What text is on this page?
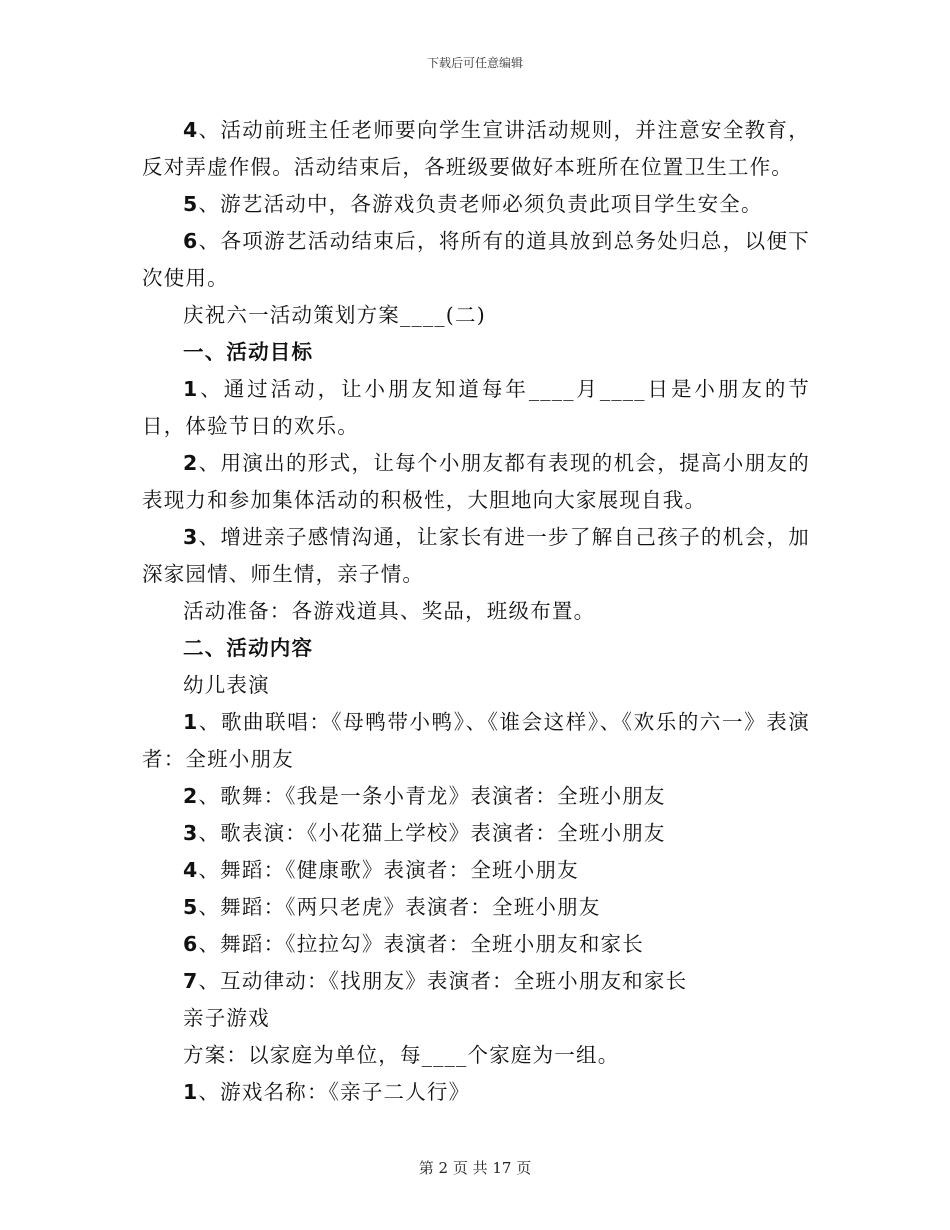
下载后可任意编辑

4、活动前班主任老师要向学生宣讲活动规则，并注意安全教育，反对弄虚作假。活动结束后，各班级要做好本班所在位置卫生工作。

5、游艺活动中，各游戏负责老师必须负责此项目学生安全。

6、各项游艺活动结束后，将所有的道具放到总务处归总，以便下次使用。

庆祝六一活动策划方案____(二)

一、活动目标

1、通过活动，让小朋友知道每年____月____日是小朋友的节日，体验节日的欢乐。

2、用演出的形式，让每个小朋友都有表现的机会，提高小朋友的表现力和参加集体活动的积极性，大胆地向大家展现自我。

3、增进亲子感情沟通，让家长有进一步了解自己孩子的机会，加深家园情、师生情，亲子情。

活动准备：各游戏道具、奖品，班级布置。

二、活动内容

幼儿表演

1、歌曲联唱：《母鸭带小鸭》、《谁会这样》、《欢乐的六一》表演者：全班小朋友

2、歌舞：《我是一条小青龙》表演者：全班小朋友

3、歌表演：《小花猫上学校》表演者：全班小朋友

4、舞蹈：《健康歌》表演者：全班小朋友

5、舞蹈：《两只老虎》表演者：全班小朋友

6、舞蹈：《拉拉勾》表演者：全班小朋友和家长

7、互动律动：《找朋友》表演者：全班小朋友和家长

亲子游戏

方案：以家庭为单位，每____个家庭为一组。

1、游戏名称：《亲子二人行》

第 2 页 共 17 页
